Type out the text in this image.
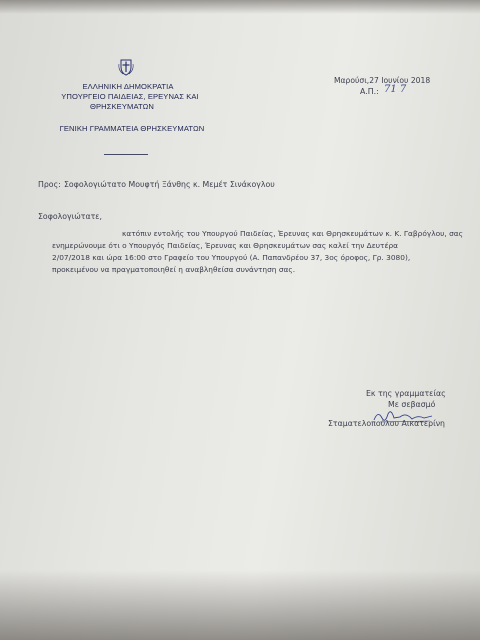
ΕΛΛΗΝΙΚΗ ΔΗΜΟΚΡΑΤΙΑ
ΥΠΟΥΡΓΕΙΟ ΠΑΙΔΕΙΑΣ, ΕΡΕΥΝΑΣ ΚΑΙ
ΘΡΗΣΚΕΥΜΑΤΩΝ
ΓΕΝΙΚΗ ΓΡΑΜΜΑΤΕΙΑ ΘΡΗΣΚΕΥΜΑΤΩΝ
Μαρούσι,27 Ιουνίου 2018
Α.Π.: 71 7
Προς: Σοφολογιώτατο Μουφτή Ξάνθης κ. Μεμέτ Σινάκογλου
Σοφολογιώτατε,
κατόπιν εντολής του Υπουργού Παιδείας, Έρευνας και Θρησκευμάτων κ. Κ. Γαβρόγλου, σας
ενημερώνουμε ότι ο Υπουργός Παιδείας, Έρευνας και Θρησκευμάτων σας καλεί την Δευτέρα
2/07/2018 και ώρα 16:00 στο Γραφείο του Υπουργού (Α. Παπανδρέου 37, 3ος όροφος, Γρ. 3080),
προκειμένου να πραγματοποιηθεί η αναβληθείσα συνάντηση σας.
Εκ της γραμματείας
Με σεβασμό
Σταματελοπούλου Αικατερίνη
